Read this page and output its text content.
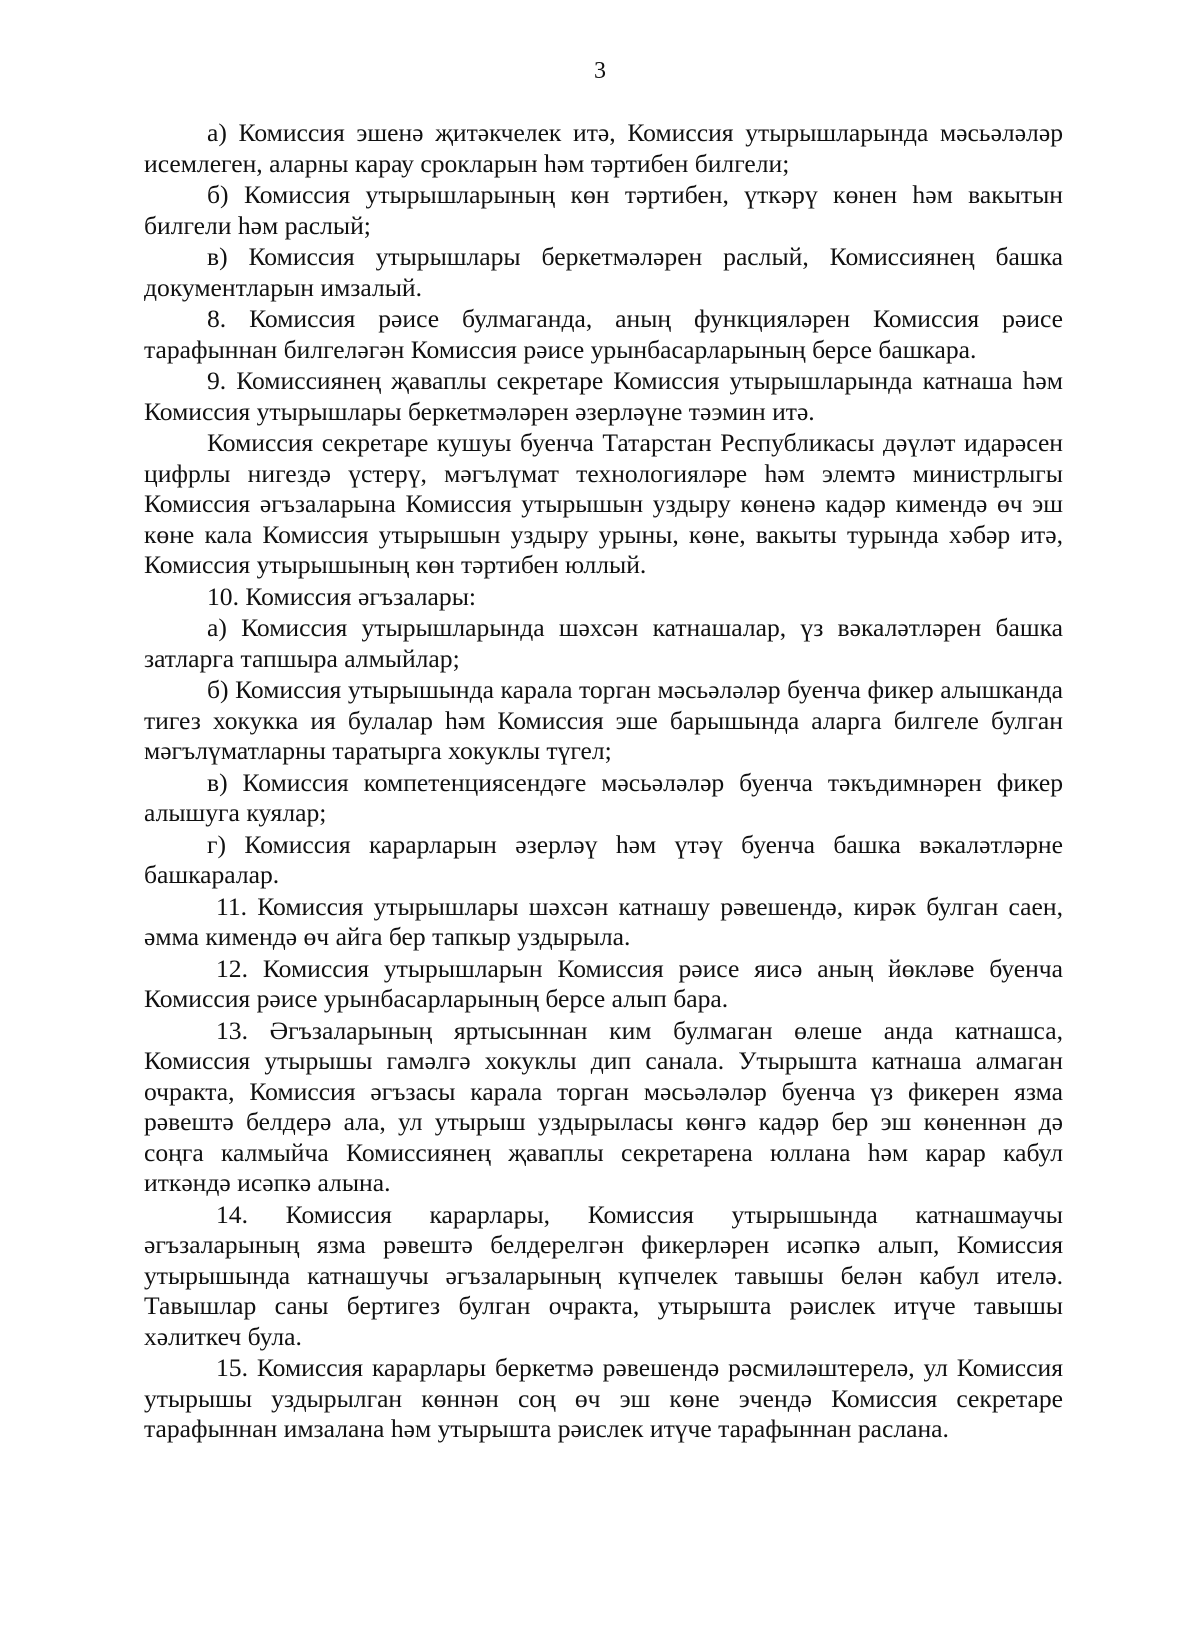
3

а) Комиссия эшенә җитәкчелек итә, Комиссия утырышларында мәсьәләләр исемлеген, аларны карау срокларын һәм тәртибен билгели;

б) Комиссия утырышларының көн тәртибен, үткәрү көнен һәм вакытын билгели һәм раслый;

в) Комиссия утырышлары беркетмәләрен раслый, Комиссиянең башка документларын имзалый.

8. Комиссия рәисе булмаганда, аның функцияләрен Комиссия рәисе тарафыннан билгеләгән Комиссия рәисе урынбасарларының берсе башкара.

9. Комиссиянең җаваплы секретаре Комиссия утырышларында катнаша һәм Комиссия утырышлары беркетмәләрен әзерләүне тәэмин итә.

Комиссия секретаре кушуы буенча Татарстан Республикасы дәүләт идарәсен цифрлы нигездә үстерү, мәгълүмат технологияләре һәм элемтә министрлыгы Комиссия әгъзаларына Комиссия утырышын уздыру көненә кадәр кимендә өч эш көне кала Комиссия утырышын уздыру урыны, көне, вакыты турында хәбәр итә, Комиссия утырышының көн тәртибен юллый.

10. Комиссия әгъзалары:

а) Комиссия утырышларында шәхсән катнашалар, үз вәкаләтләрен башка затларга тапшыра алмыйлар;

б) Комиссия утырышында карала торган мәсьәләләр буенча фикер алышканда тигез хокукка ия булалар һәм Комиссия эше барышында аларга билгеле булган мәгълүматларны таратырга хокуклы түгел;

в) Комиссия компетенциясендәге мәсьәләләр буенча тәкъдимнәрен фикер алышуга куялар;

г) Комиссия карарларын әзерләү һәм үтәү буенча башка вәкаләтләрне башкаралар.

11. Комиссия утырышлары шәхсән катнашу рәвешендә, кирәк булган саен, әмма кимендә өч айга бер тапкыр уздырыла.

12. Комиссия утырышларын Комиссия рәисе яисә аның йөкләве буенча Комиссия рәисе урынбасарларының берсе алып бара.

13. Әгъзаларының яртысыннан ким булмаган өлеше анда катнашса, Комиссия утырышы гамәлгә хокуклы дип санала. Утырышта катнаша алмаган очракта, Комиссия әгъзасы карала торган мәсьәләләр буенча үз фикерен язма рәвештә белдерә ала, ул утырыш уздырыласы көнгә кадәр бер эш көненнән дә соңга калмыйча Комиссиянең җаваплы секретарена юллана һәм карар кабул иткәндә исәпкә алына.

14. Комиссия карарлары, Комиссия утырышында катнашмаучы әгъзаларының язма рәвештә белдерелгән фикерләрен исәпкә алып, Комиссия утырышында катнашучы әгъзаларының күпчелек тавышы белән кабул ителә. Тавышлар саны бертигез булган очракта, утырышта рәислек итүче тавышы хәлиткеч була.

15. Комиссия карарлары беркетмә рәвешендә рәсмиләштерелә, ул Комиссия утырышы уздырылган көннән соң өч эш көне эчендә Комиссия секретаре тарафыннан имзалана һәм утырышта рәислек итүче тарафыннан раслана.
